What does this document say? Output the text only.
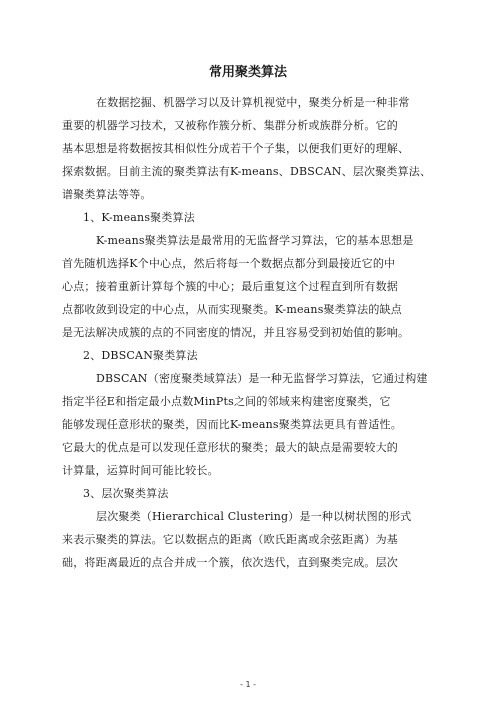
常用聚类算法
在数据挖掘、机器学习以及计算机视觉中，聚类分析是一种非常
重要的机器学习技术，又被称作簇分析、集群分析或族群分析。它的
基本思想是将数据按其相似性分成若干个子集，以便我们更好的理解、
探索数据。目前主流的聚类算法有K-means、DBSCAN、层次聚类算法、
谱聚类算法等等。
1、K-means聚类算法
K-means聚类算法是最常用的无监督学习算法，它的基本思想是
首先随机选择K个中心点，然后将每一个数据点都分到最接近它的中
心点；接着重新计算每个簇的中心；最后重复这个过程直到所有数据
点都收敛到设定的中心点，从而实现聚类。K-means聚类算法的缺点
是无法解决成簇的点的不同密度的情况，并且容易受到初始值的影响。
2、DBSCAN聚类算法
DBSCAN（密度聚类域算法）是一种无监督学习算法，它通过构建
指定半径E和指定最小点数MinPts之间的邻域来构建密度聚类，它
能够发现任意形状的聚类，因而比K-means聚类算法更具有普适性。
它最大的优点是可以发现任意形状的聚类；最大的缺点是需要较大的
计算量，运算时间可能比较长。
3、层次聚类算法
层次聚类（Hierarchical Clustering）是一种以树状图的形式
来表示聚类的算法。它以数据点的距离（欧氏距离或余弦距离）为基
础，将距离最近的点合并成一个簇，依次迭代，直到聚类完成。层次
- 1 -
